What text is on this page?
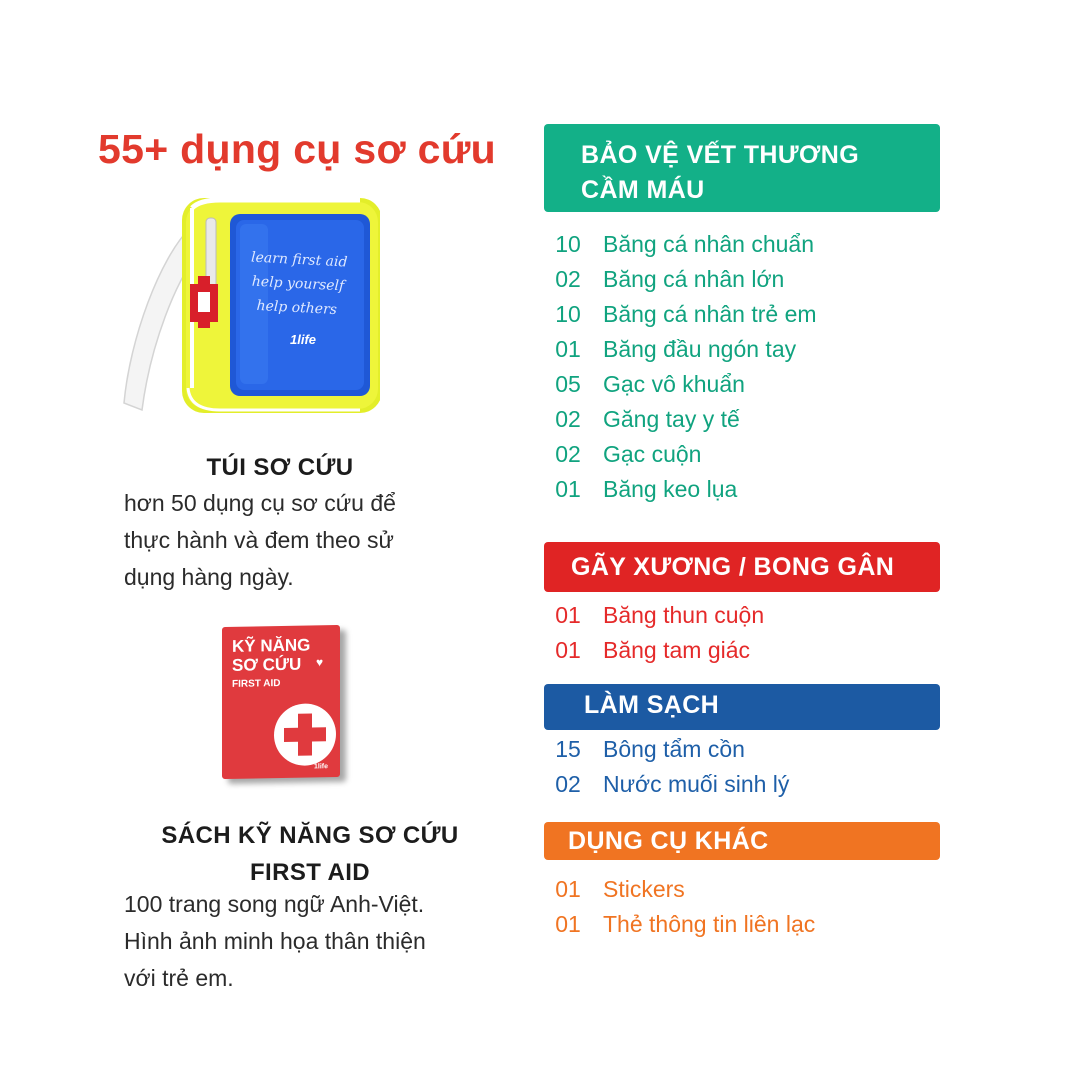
55+ dụng cụ sơ cứu
learn first aid
help yourself
help others
1life
TÚI SƠ CỨU
hơn 50 dụng cụ sơ cứu để
thực hành và đem theo sử
dụng hàng ngày.
KỸ NĂNG
SƠ CỨU	♥
FIRST AID
1life
SÁCH KỸ NĂNG SƠ CỨU
FIRST AID
100 trang song ngữ Anh-Việt.
Hình ảnh minh họa thân thiện
với trẻ em.
BẢO VỆ VẾT THƯƠNG
CẦM MÁU
10 Băng cá nhân chuẩn
02 Băng cá nhân lớn
10 Băng cá nhân trẻ em
01 Băng đầu ngón tay
05 Gạc vô khuẩn
02 Găng tay y tế
02 Gạc cuộn
01 Băng keo lụa
GÃY XƯƠNG / BONG GÂN
01 Băng thun cuộn
01 Băng tam giác
LÀM SẠCH
15 Bông tẩm cồn
02 Nước muối sinh lý
DỤNG CỤ KHÁC
01 Stickers
01 Thẻ thông tin liên lạc
